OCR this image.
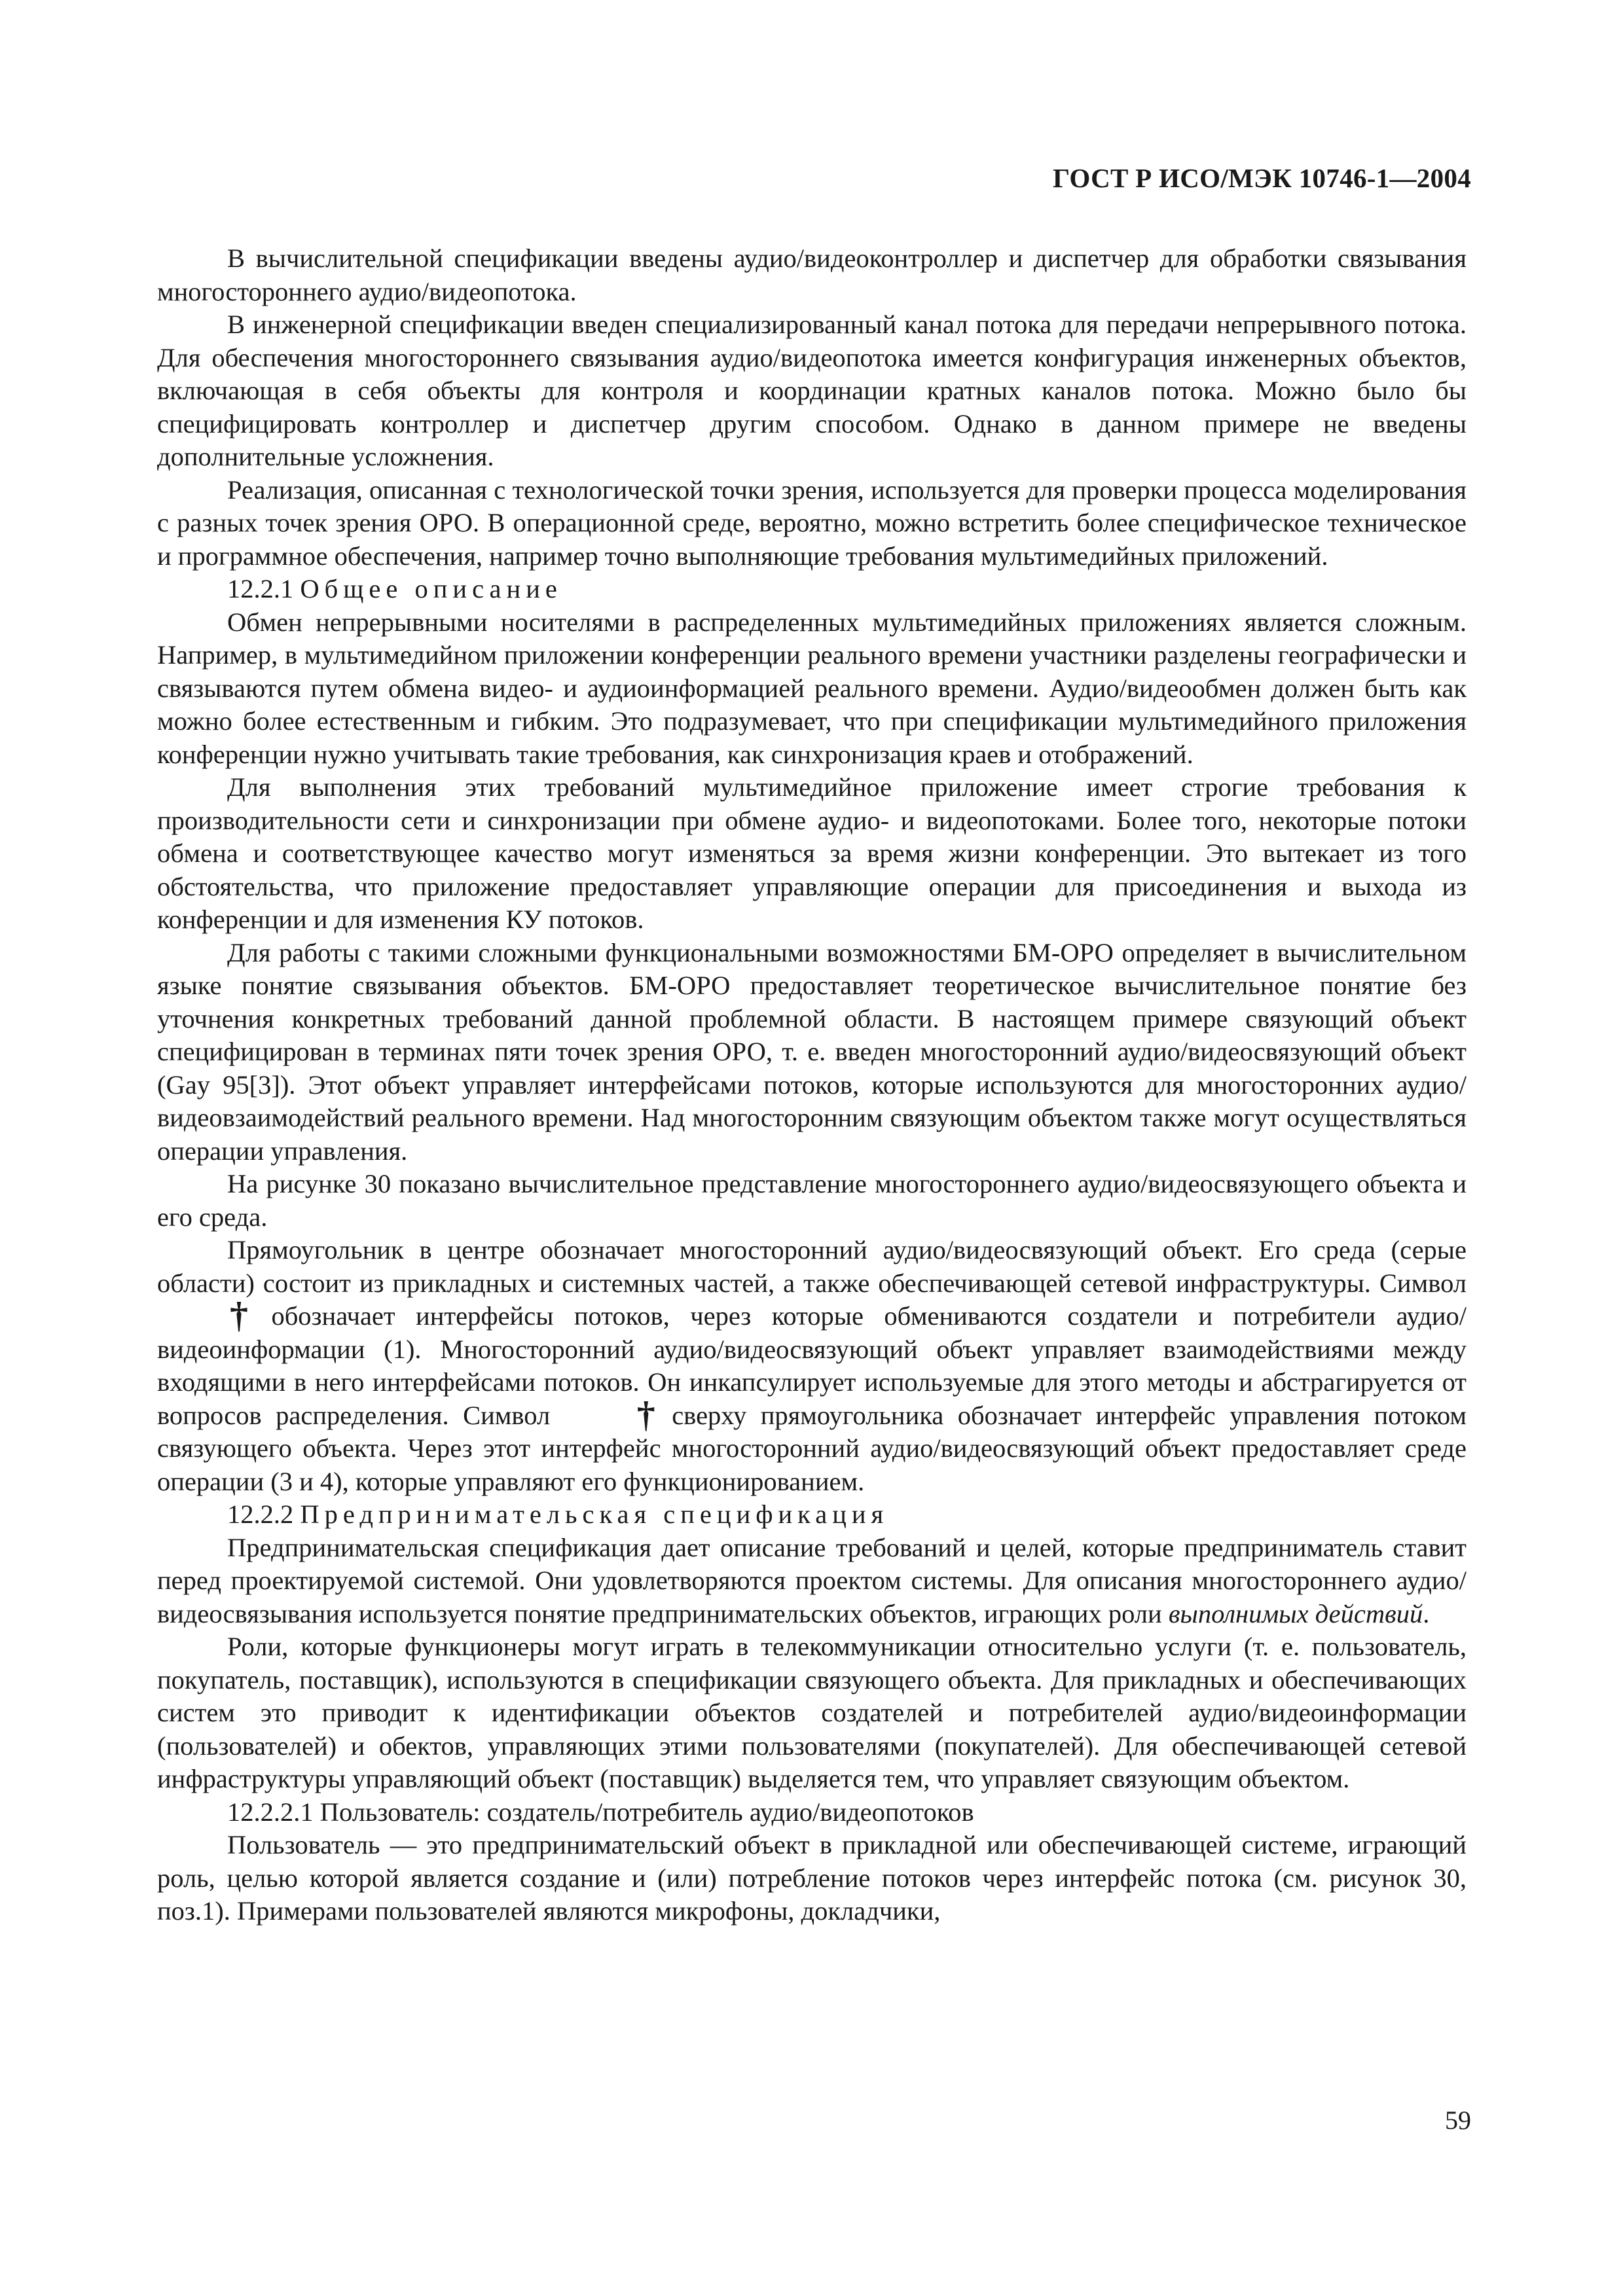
ГОСТ Р ИСО/МЭК 10746-1—2004

В вычислительной спецификации введены аудио/видеоконтроллер и диспетчер для обработки связывания многостороннего аудио/видеопотока.

В инженерной спецификации введен специализированный канал потока для передачи непрерывного потока. Для обеспечения многостороннего связывания аудио/видеопотока имеется конфигурация инженерных объектов, включающая в себя объекты для контроля и координации кратных каналов потока. Можно было бы специфицировать контроллер и диспетчер другим способом. Однако в данном примере не введены дополнительные усложнения.

Реализация, описанная с технологической точки зрения, используется для проверки процесса моделирования с разных точек зрения ОРО. В операционной среде, вероятно, можно встретить более специфическое техническое и программное обеспечения, например точно выполняющие требования мультимедийных приложений.

12.2.1 Общее описание

Обмен непрерывными носителями в распределенных мультимедийных приложениях является сложным. Например, в мультимедийном приложении конференции реального времени участники разделены географически и связываются путем обмена видео- и аудиоинформацией реального времени. Аудио/видеообмен должен быть как можно более естественным и гибким. Это подразумевает, что при спецификации мультимедийного приложения конференции нужно учитывать такие требования, как синхронизация краев и отображений.

Для выполнения этих требований мультимедийное приложение имеет строгие требования к производительности сети и синхронизации при обмене аудио- и видеопотоками. Более того, некоторые потоки обмена и соответствующее качество могут изменяться за время жизни конференции. Это вытекает из того обстоятельства, что приложение предоставляет управляющие операции для присоединения и выхода из конференции и для изменения КУ потоков.

Для работы с такими сложными функциональными возможностями БМ-ОРО определяет в вычислительном языке понятие связывания объектов. БМ-ОРО предоставляет теоретическое вычислительное понятие без уточнения конкретных требований данной проблемной области. В настоящем примере связующий объект специфицирован в терминах пяти точек зрения ОРО, т. е. введен многосторонний аудио/видеосвязующий объект (Gay 95[3]). Этот объект управляет интерфейсами потоков, которые используются для многосторонних аудио/видеовзаимодействий реального времени. Над многосторонним связующим объектом также могут осуществляться операции управления.

На рисунке 30 показано вычислительное представление многостороннего аудио/видеосвязующего объекта и его среда.

Прямоугольник в центре обозначает многосторонний аудио/видеосвязующий объект. Его среда (серые области) состоит из прикладных и системных частей, а также обеспечивающей сетевой инфраструктуры. Символ † обозначает интерфейсы потоков, через которые обмениваются создатели и потребители аудио/видеоинформации (1). Многосторонний аудио/видеосвязующий объект управляет взаимодействиями между входящими в него интерфейсами потоков. Он инкапсулирует используемые для этого методы и абстрагируется от вопросов распределения. Символ † сверху прямоугольника обозначает интерфейс управления потоком связующего объекта. Через этот интерфейс многосторонний аудио/видеосвязующий объект предоставляет среде операции (3 и 4), которые управляют его функционированием.

12.2.2 Предпринимательская спецификация

Предпринимательская спецификация дает описание требований и целей, которые предприниматель ставит перед проектируемой системой. Они удовлетворяются проектом системы. Для описания многостороннего аудио/видеосвязывания используется понятие предпринимательских объектов, играющих роли выполнимых действий.

Роли, которые функционеры могут играть в телекоммуникации относительно услуги (т. е. пользователь, покупатель, поставщик), используются в спецификации связующего объекта. Для прикладных и обеспечивающих систем это приводит к идентификации объектов создателей и потребителей аудио/видеоинформации (пользователей) и обектов, управляющих этими пользователями (покупателей). Для обеспечивающей сетевой инфраструктуры управляющий объект (поставщик) выделяется тем, что управляет связующим объектом.

12.2.2.1 Пользователь: создатель/потребитель аудио/видеопотоков

Пользователь — это предпринимательский объект в прикладной или обеспечивающей системе, играющий роль, целью которой является создание и (или) потребление потоков через интерфейс потока (см. рисунок 30, поз.1). Примерами пользователей являются микрофоны, докладчики,

59
